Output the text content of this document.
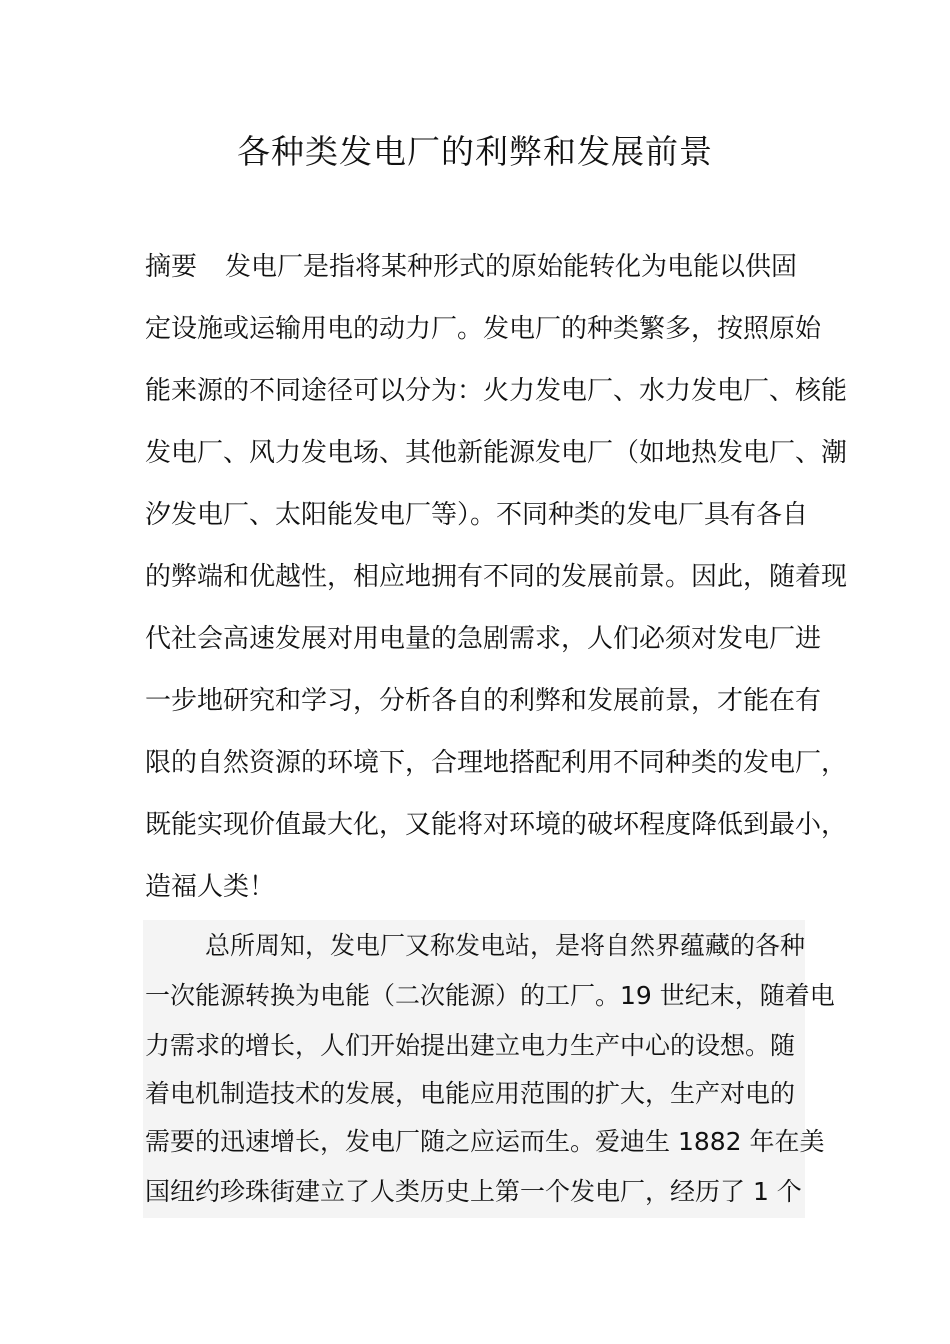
各种类发电厂的利弊和发展前景
摘要 发电厂是指将某种形式的原始能转化为电能以供固
定设施或运输用电的动力厂。发电厂的种类繁多，按照原始
能来源的不同途径可以分为：火力发电厂、水力发电厂、核能
发电厂、风力发电场、其他新能源发电厂（如地热发电厂、潮
汐发电厂、太阳能发电厂等）。不同种类的发电厂具有各自
的弊端和优越性，相应地拥有不同的发展前景。因此，随着现
代社会高速发展对用电量的急剧需求，人们必须对发电厂进
一步地研究和学习，分析各自的利弊和发展前景，才能在有
限的自然资源的环境下，合理地搭配利用不同种类的发电厂，
既能实现价值最大化，又能将对环境的破坏程度降低到最小，
造福人类！
总所周知，发电厂又称发电站，是将自然界蕴藏的各种
一次能源转换为电能（二次能源）的工厂。19 世纪末，随着电
力需求的增长，人们开始提出建立电力生产中心的设想。随
着电机制造技术的发展，电能应用范围的扩大，生产对电的
需要的迅速增长，发电厂随之应运而生。爱迪生 1882 年在美
国纽约珍珠街建立了人类历史上第一个发电厂，经历了 1 个
